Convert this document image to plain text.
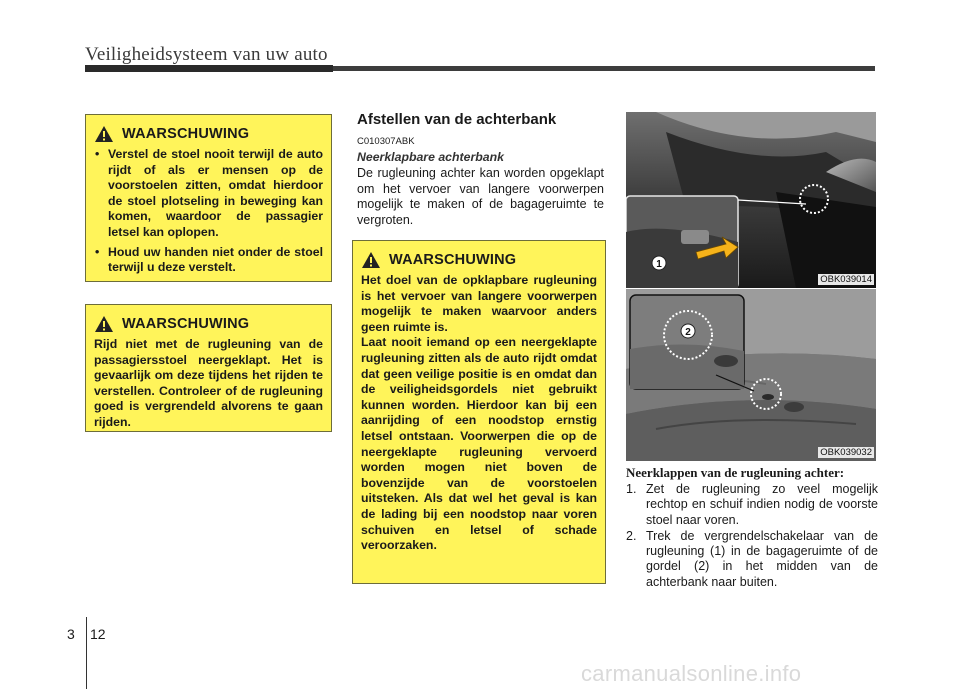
Veiligheidsysteem van uw auto
WAARSCHUWING
• Verstel de stoel nooit terwijl de auto rijdt of als er mensen op de voorstoelen zitten, omdat hierdoor de stoel plotseling in beweging kan komen, waardoor de passagier letsel kan oplopen.
• Houd uw handen niet onder de stoel terwijl u deze verstelt.
WAARSCHUWING

Rijd niet met de rugleuning van de passagiersstoel neergeklapt. Het is gevaarlijk om deze tijdens het rijden te verstellen. Controleer of de rugleuning goed is vergrendeld alvorens te gaan rijden.

Afstellen van de achterbank
C010307ABK
Neerklapbare achterbank

De rugleuning achter kan worden opgeklapt om het vervoer van langere voorwerpen mogelijk te maken of de bagageruimte te vergroten.

WAARSCHUWING

Het doel van de opklapbare rugleuning is het vervoer van langere voorwerpen mogelijk te maken waarvoor anders geen ruimte is.

Laat nooit iemand op een neergeklapte rugleuning zitten als de auto rijdt omdat dat geen veilige positie is en omdat dan de veiligheidsgordels niet gebruikt kunnen worden. Hierdoor kan bij een aanrijding of een noodstop ernstig letsel ontstaan. Voorwerpen die op de neergeklapte rugleuning vervoerd worden mogen niet boven de bovenzijde van de voorstoelen uitsteken. Als dat wel het geval is kan de lading bij een noodstop naar voren schuiven en letsel of schade veroorzaken.

1
OBK039014
2
OBK039032
Neerklappen van de rugleuning achter:
1. Zet de rugleuning zo veel mogelijk rechtop en schuif indien nodig de voorste stoel naar voren.
2. Trek de vergrendelschakelaar van de rugleuning (1) in de bagageruimte of de gordel (2) in het midden van de achterbank naar buiten.
3 12
carmanualsonline.info
